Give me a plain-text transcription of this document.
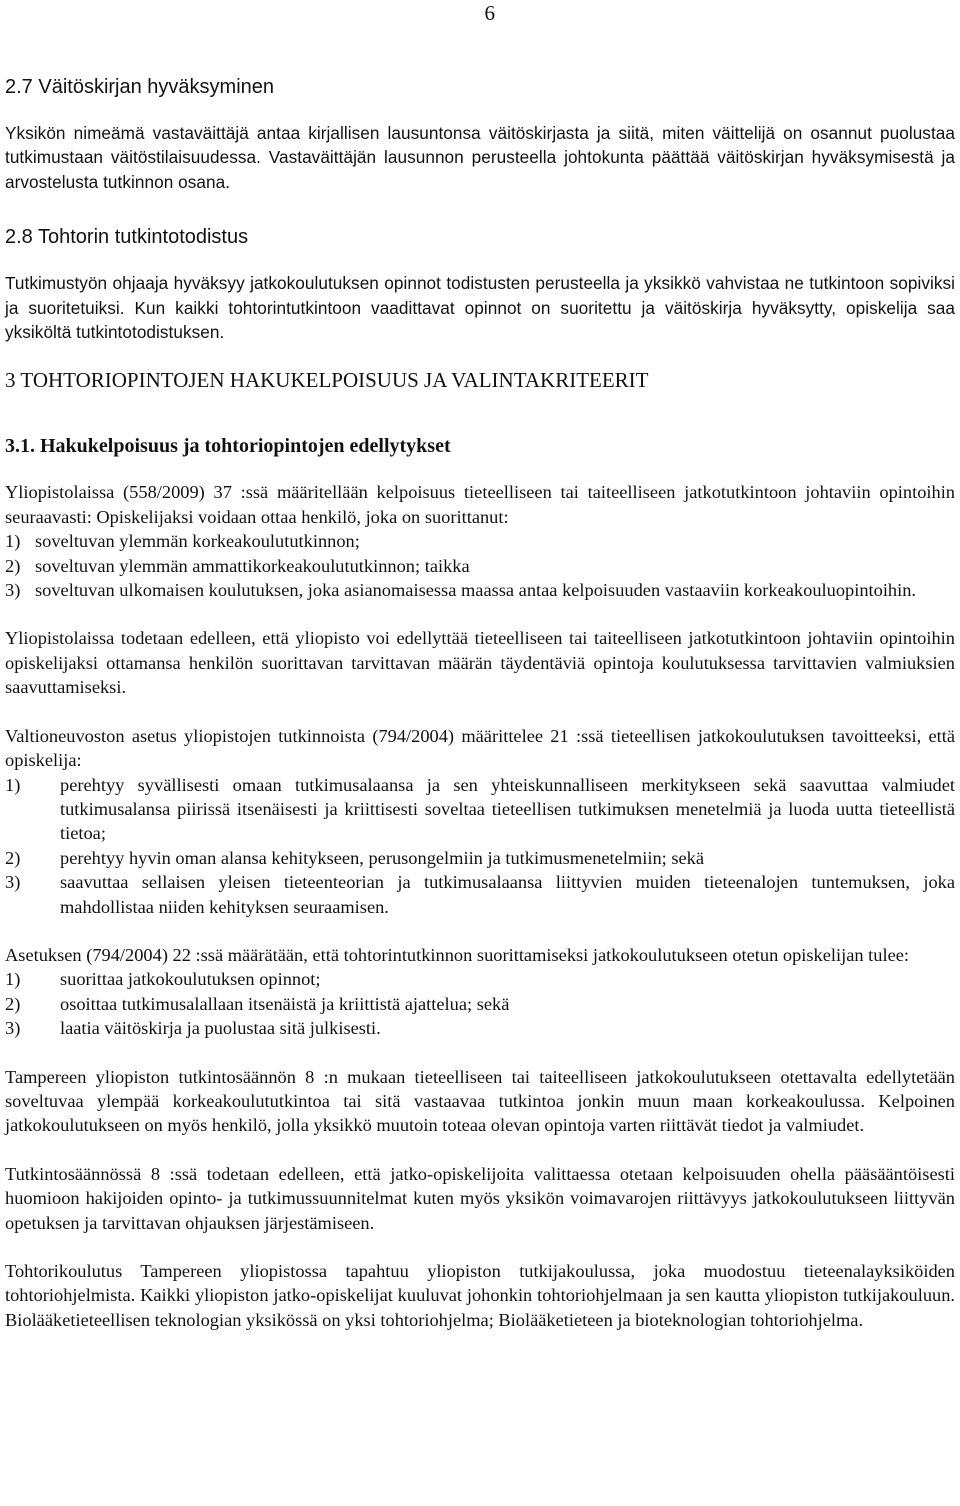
6
2.7 Väitöskirjan hyväksyminen

Yksikön nimeämä vastaväittäjä antaa kirjallisen lausuntonsa väitöskirjasta ja siitä, miten väittelijä on osannut puolustaa tutkimustaan väitöstilaisuudessa. Vastaväittäjän lausunnon perusteella johtokunta päättää väitöskirjan hyväksymisestä ja arvostelusta tutkinnon osana.

2.8 Tohtorin tutkintotodistus

Tutkimustyön ohjaaja hyväksyy jatkokoulutuksen opinnot todistusten perusteella ja yksikkö vahvistaa ne tutkintoon sopiviksi ja suoritetuiksi. Kun kaikki tohtorintutkintoon vaadittavat opinnot on suoritettu ja väitöskirja hyväksytty, opiskelija saa yksiköltä tutkintotodistuksen.

3 TOHTORIOPINTOJEN HAKUKELPOISUUS JA VALINTAKRITEERIT
3.1. Hakukelpoisuus ja tohtoriopintojen edellytykset

Yliopistolaissa (558/2009) 37 :ssä määritellään kelpoisuus tieteelliseen tai taiteelliseen jatkotutkintoon johtaviin opintoihin seuraavasti: Opiskelijaksi voidaan ottaa henkilö, joka on suorittanut:

1) soveltuvan ylemmän korkeakoulututkinnon;
2) soveltuvan ylemmän ammattikorkeakoulututkinnon; taikka
3) soveltuvan ulkomaisen koulutuksen, joka asianomaisessa maassa antaa kelpoisuuden vastaaviin korkeakouluopintoihin.

Yliopistolaissa todetaan edelleen, että yliopisto voi edellyttää tieteelliseen tai taiteelliseen jatkotutkintoon johtaviin opintoihin opiskelijaksi ottamansa henkilön suorittavan tarvittavan määrän täydentäviä opintoja koulutuksessa tarvittavien valmiuksien saavuttamiseksi.

Valtioneuvoston asetus yliopistojen tutkinnoista (794/2004) määrittelee 21 :ssä tieteellisen jatkokoulutuksen tavoitteeksi, että opiskelija:

1)	perehtyy syvällisesti omaan tutkimusalaansa ja sen yhteiskunnalliseen merkitykseen sekä saavuttaa valmiudet tutkimusalansa piirissä itsenäisesti ja kriittisesti soveltaa tieteellisen tutkimuksen menetelmiä ja luoda uutta tieteellistä tietoa;
2)	perehtyy hyvin oman alansa kehitykseen, perusongelmiin ja tutkimusmenetelmiin; sekä
3)	saavuttaa sellaisen yleisen tieteenteorian ja tutkimusalaansa liittyvien muiden tieteenalojen tuntemuksen, joka mahdollistaa niiden kehityksen seuraamisen.

Asetuksen (794/2004) 22 :ssä määrätään, että tohtorintutkinnon suorittamiseksi jatkokoulutukseen otetun opiskelijan tulee:

1)	suorittaa jatkokoulutuksen opinnot;
2)	osoittaa tutkimusalallaan itsenäistä ja kriittistä ajattelua; sekä
3)	laatia väitöskirja ja puolustaa sitä julkisesti.

Tampereen yliopiston tutkintosäännön 8 :n mukaan tieteelliseen tai taiteelliseen jatkokoulutukseen otettavalta edellytetään soveltuvaa ylempää korkeakoulututkintoa tai sitä vastaavaa tutkintoa jonkin muun maan korkeakoulussa. Kelpoinen jatkokoulutukseen on myös henkilö, jolla yksikkö muutoin toteaa olevan opintoja varten riittävät tiedot ja valmiudet.

Tutkintosäännössä 8 :ssä todetaan edelleen, että jatko-opiskelijoita valittaessa otetaan kelpoisuuden ohella pääsääntöisesti huomioon hakijoiden opinto- ja tutkimussuunnitelmat kuten myös yksikön voimavarojen riittävyys jatkokoulutukseen liittyvän opetuksen ja tarvittavan ohjauksen järjestämiseen.

Tohtorikoulutus Tampereen yliopistossa tapahtuu yliopiston tutkijakoulussa, joka muodostuu tieteenalayksiköiden tohtoriohjelmista. Kaikki yliopiston jatko-opiskelijat kuuluvat johonkin tohtoriohjelmaan ja sen kautta yliopiston tutkijakouluun. Biolääketieteellisen teknologian yksikössä on yksi tohtoriohjelma; Biolääketieteen ja bioteknologian tohtoriohjelma.
